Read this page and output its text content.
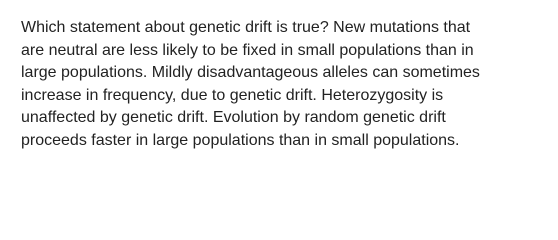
Which statement about genetic drift is true? New mutations that
are neutral are less likely to be fixed in small populations than in
large populations. Mildly disadvantageous alleles can sometimes
increase in frequency, due to genetic drift. Heterozygosity is
unaffected by genetic drift. Evolution by random genetic drift
proceeds faster in large populations than in small populations.
